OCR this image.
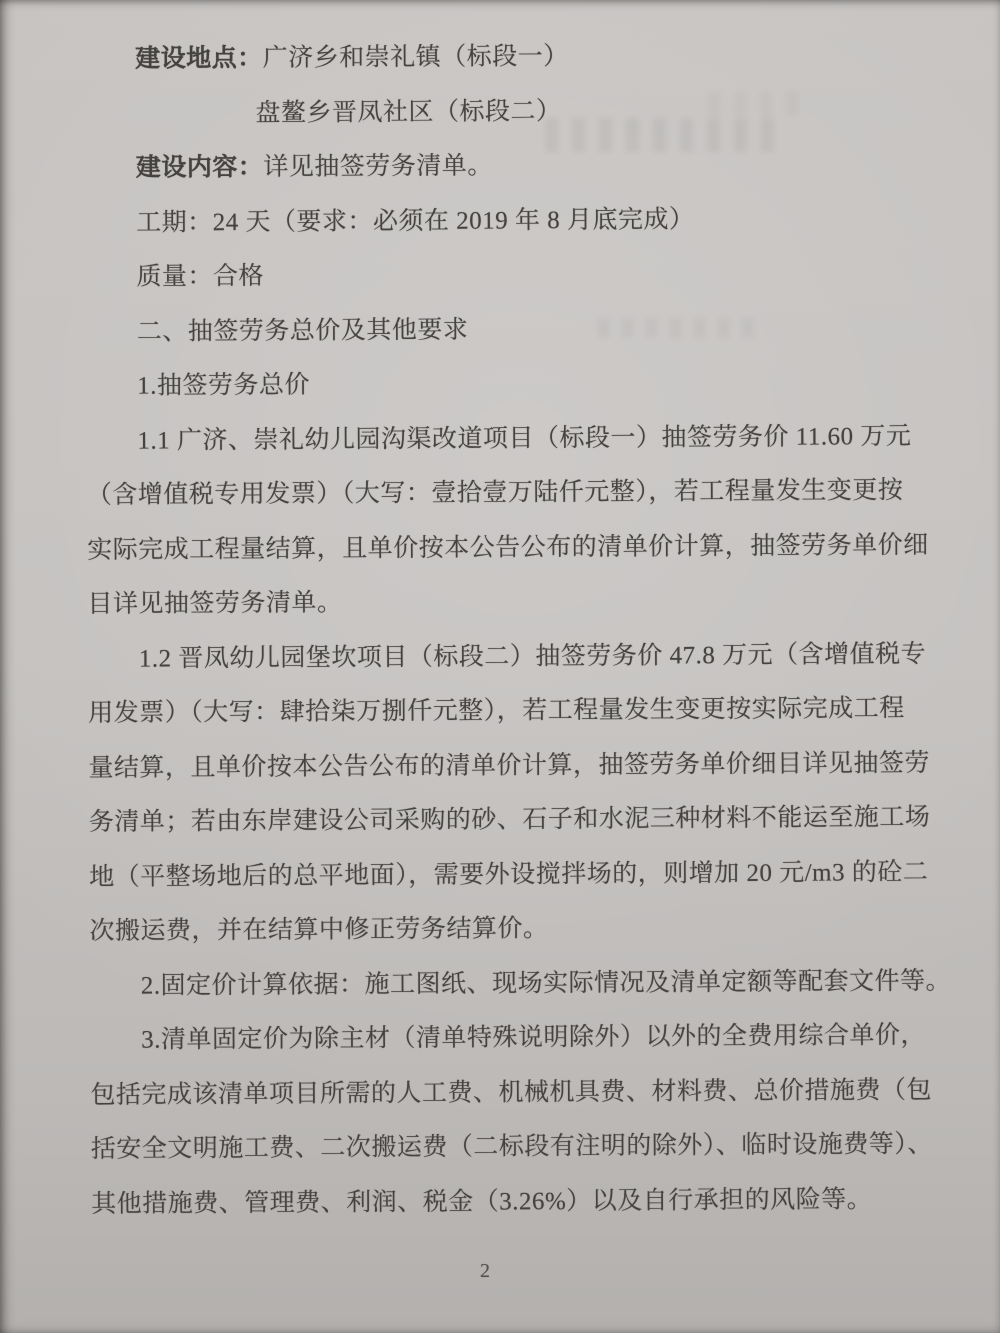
建设地点： 广济乡和崇礼镇（标段一）
盘鳌乡晋凤社区（标段二）
建设内容： 详见抽签劳务清单。
工期：24 天（要求：必须在 2019 年 8 月底完成）
质量：合格
二、抽签劳务总价及其他要求
1.抽签劳务总价
1.1 广济、崇礼幼儿园沟渠改道项目（标段一）抽签劳务价 11.60 万元
（含增值税专用发票）（大写：壹拾壹万陆仟元整），若工程量发生变更按
实际完成工程量结算，且单价按本公告公布的清单价计算，抽签劳务单价细
目详见抽签劳务清单。
1.2 晋凤幼儿园堡坎项目（标段二）抽签劳务价 47.8 万元（含增值税专
用发票）（大写：肆拾柒万捌仟元整），若工程量发生变更按实际完成工程
量结算，且单价按本公告公布的清单价计算，抽签劳务单价细目详见抽签劳
务清单；若由东岸建设公司采购的砂、石子和水泥三种材料不能运至施工场
地（平整场地后的总平地面），需要外设搅拌场的，则增加 20 元/m3 的砼二
次搬运费，并在结算中修正劳务结算价。
2.固定价计算依据：施工图纸、现场实际情况及清单定额等配套文件等。
3.清单固定价为除主材（清单特殊说明除外）以外的全费用综合单价，
包括完成该清单项目所需的人工费、机械机具费、材料费、总价措施费（包
括安全文明施工费、二次搬运费（二标段有注明的除外）、临时设施费等）、
其他措施费、管理费、利润、税金（3.26%）以及自行承担的风险等。
2
